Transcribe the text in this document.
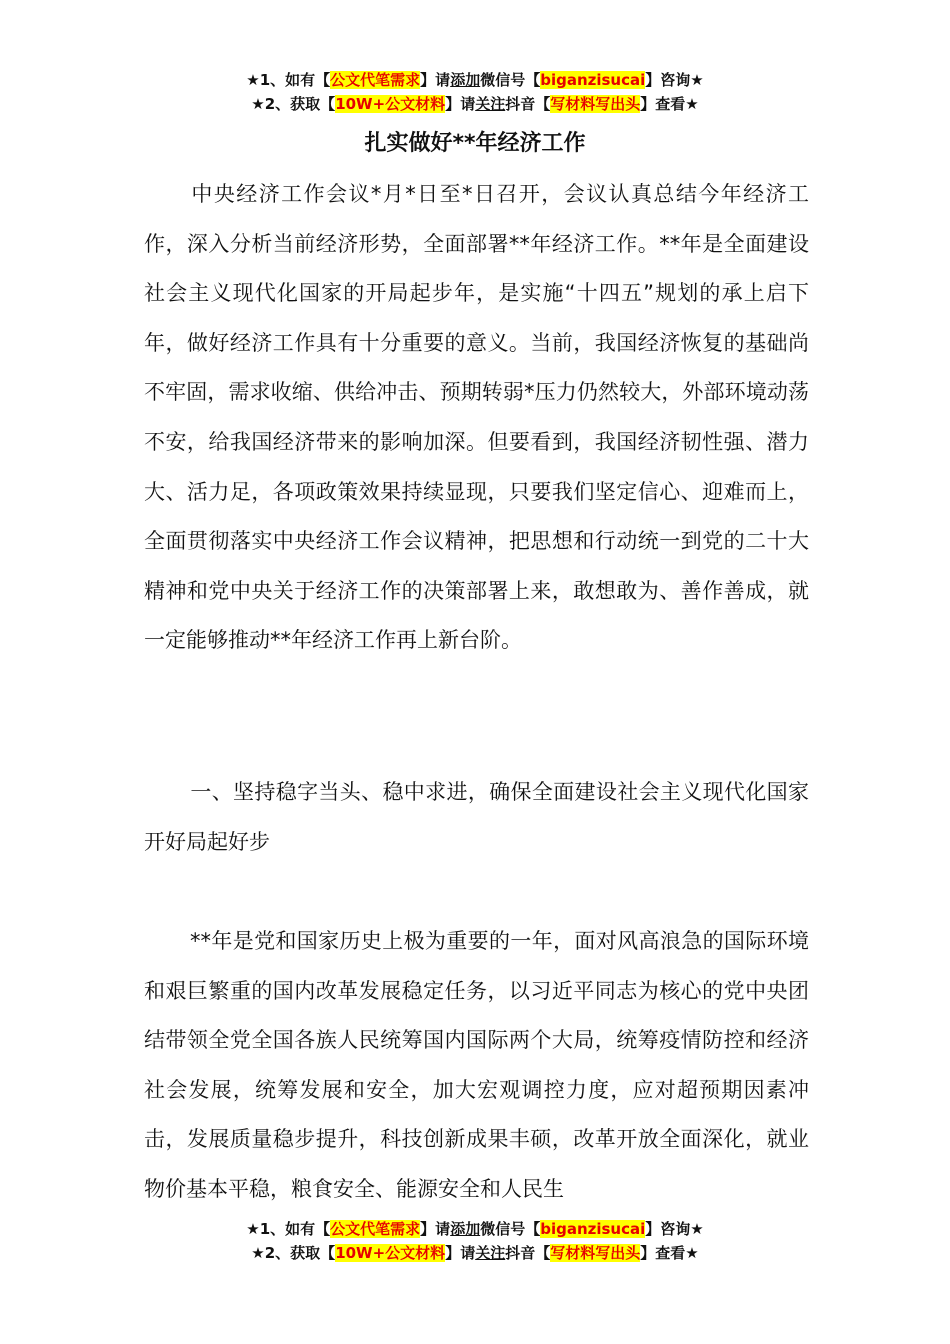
★1、如有【公文代笔需求】请添加微信号【biganzisucai】咨询★
★2、获取【10W+公文材料】请关注抖音【写材料写出头】查看★
扎实做好**年经济工作

中央经济工作会议*月*日至*日召开，会议认真总结今年经济工作，深入分析当前经济形势，全面部署**年经济工作。**年是全面建设社会主义现代化国家的开局起步年，是实施“十四五”规划的承上启下年，做好经济工作具有十分重要的意义。当前，我国经济恢复的基础尚不牢固，需求收缩、供给冲击、预期转弱*压力仍然较大，外部环境动荡不安，给我国经济带来的影响加深。但要看到，我国经济韧性强、潜力大、活力足，各项政策效果持续显现，只要我们坚定信心、迎难而上，全面贯彻落实中央经济工作会议精神，把思想和行动统一到党的二十大精神和党中央关于经济工作的决策部署上来，敢想敢为、善作善成，就一定能够推动**年经济工作再上新台阶。

一、坚持稳字当头、稳中求进，确保全面建设社会主义现代化国家开好局起好步

**年是党和国家历史上极为重要的一年，面对风高浪急的国际环境和艰巨繁重的国内改革发展稳定任务，以习近平同志为核心的党中央团结带领全党全国各族人民统筹国内国际两个大局，统筹疫情防控和经济社会发展，统筹发展和安全，加大宏观调控力度，应对超预期因素冲击，发展质量稳步提升，科技创新成果丰硕，改革开放全面深化，就业物价基本平稳，粮食安全、能源安全和人民生

★1、如有【公文代笔需求】请添加微信号【biganzisucai】咨询★
★2、获取【10W+公文材料】请关注抖音【写材料写出头】查看★
